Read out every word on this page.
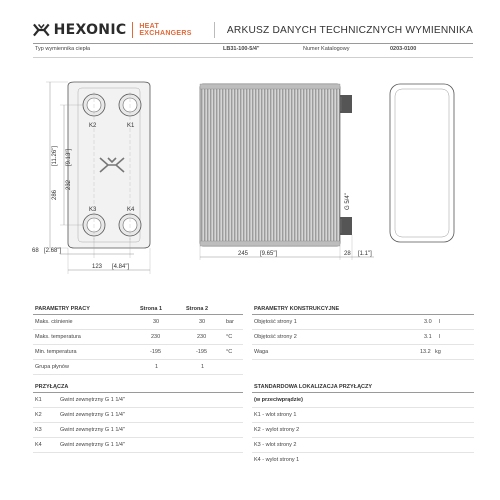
HEXONIC HEAT EXCHANGERS	ARKUSZ DANYCH TECHNICZNYCH WYMIENNIKA
Typ wymiennika ciepła	LB31-100-5/4"	Numer Katalogowy	0203-0100
K2	K1
K3	K4
286
[11.26"]
232
[9.13"]
68 [2.68"]
123 [4.84"]
G 5/4"
245 [9.65"]	28 [1.1"]
PARAMETRY PRACY	Strona 1	Strona 2
Maks. ciśnienie	30	30	bar
Maks. temperatura	230	230	°C
Min. temperatura	-195	-195	°C
Grupa płynów	1	1
PARAMETRY KONSTRUKCYJNE
Objętość strony 1	3.0 l
Objętość strony 2	3.1 l
Waga	13.2 kg
PRZYŁĄCZA
K1	Gwint zewnętrzny G 1 1/4"
K2	Gwint zewnętrzny G 1 1/4"
K3	Gwint zewnętrzny G 1 1/4"
K4	Gwint zewnętrzny G 1 1/4"
STANDARDOWA LOKALIZACJA PRZYŁĄCZY
(w przeciwprądzie)
K1 - wlot strony 1
K2 - wylot strony 2
K3 - wlot strony 2
K4 - wylot strony 1
